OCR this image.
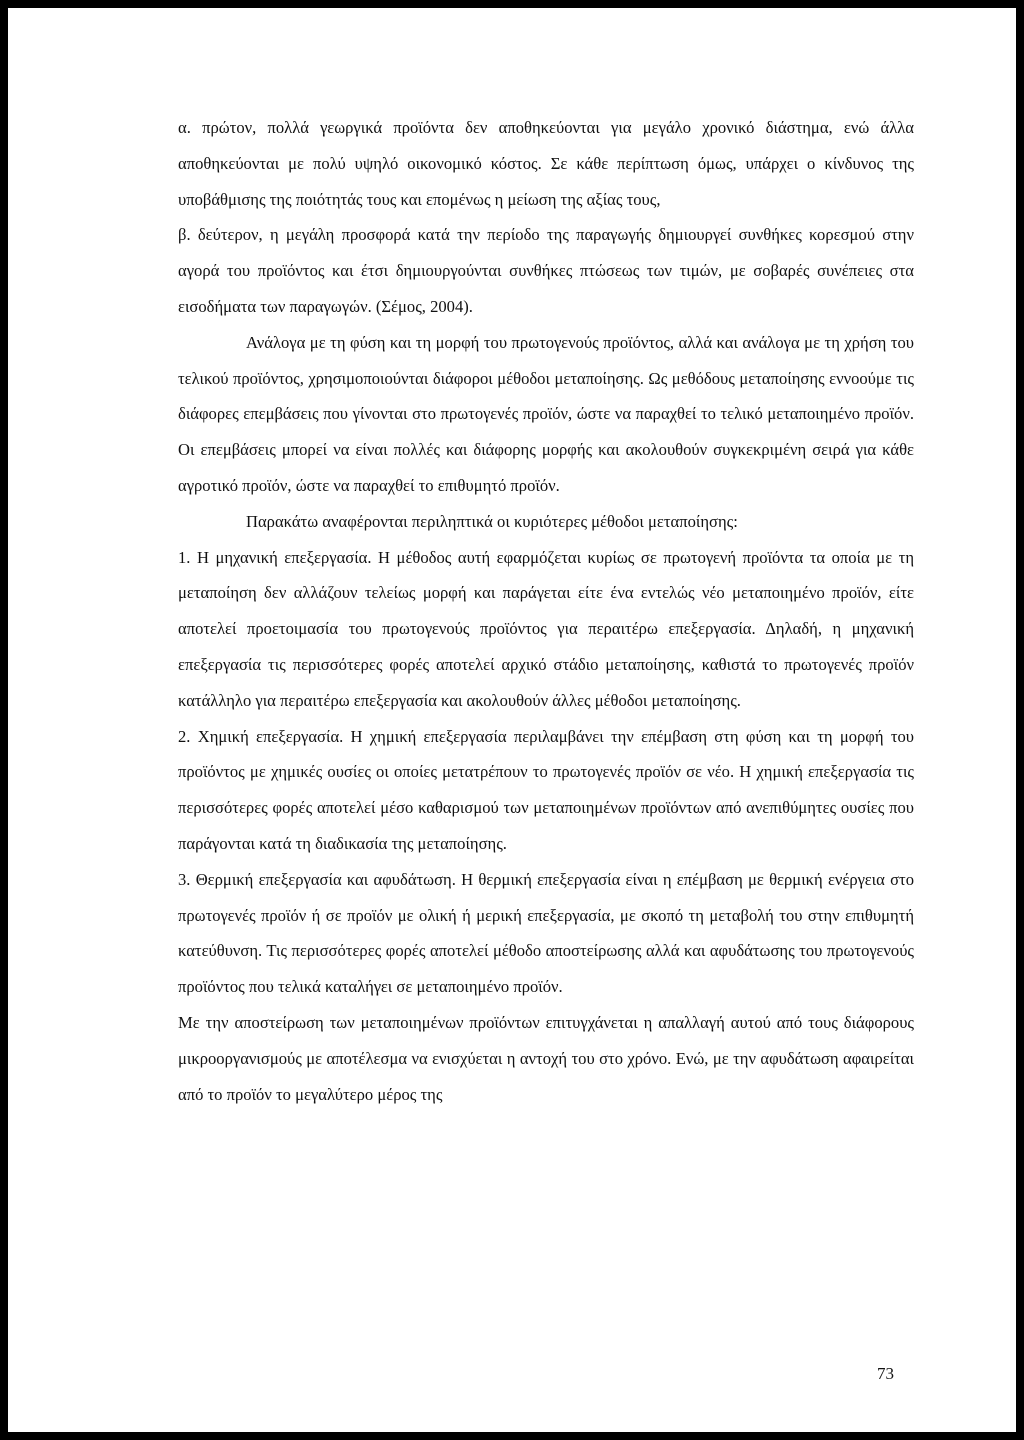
α. πρώτον, πολλά γεωργικά προϊόντα δεν αποθηκεύονται για μεγάλο χρονικό διάστημα, ενώ άλλα αποθηκεύονται με πολύ υψηλό οικονομικό κόστος. Σε κάθε περίπτωση όμως, υπάρχει ο κίνδυνος της υποβάθμισης της ποιότητάς τους και επομένως η μείωση της αξίας τους,

β. δεύτερον, η μεγάλη προσφορά κατά την περίοδο της παραγωγής δημιουργεί συνθήκες κορεσμού στην αγορά του προϊόντος και έτσι δημιουργούνται συνθήκες πτώσεως των τιμών, με σοβαρές συνέπειες στα εισοδήματα των παραγωγών. (Σέμος, 2004).

Ανάλογα με τη φύση και τη μορφή του πρωτογενούς προϊόντος, αλλά και ανάλογα με τη χρήση του τελικού προϊόντος, χρησιμοποιούνται διάφοροι μέθοδοι μεταποίησης. Ως μεθόδους μεταποίησης εννοούμε τις διάφορες επεμβάσεις που γίνονται στο πρωτογενές προϊόν, ώστε να παραχθεί το τελικό μεταποιημένο προϊόν. Οι επεμβάσεις μπορεί να είναι πολλές και διάφορης μορφής και ακολουθούν συγκεκριμένη σειρά για κάθε αγροτικό προϊόν, ώστε να παραχθεί το επιθυμητό προϊόν.

Παρακάτω αναφέρονται περιληπτικά οι κυριότερες μέθοδοι μεταποίησης:

1. Η μηχανική επεξεργασία. Η μέθοδος αυτή εφαρμόζεται κυρίως σε πρωτογενή προϊόντα τα οποία με τη μεταποίηση δεν αλλάζουν τελείως μορφή και παράγεται είτε ένα εντελώς νέο μεταποιημένο προϊόν, είτε αποτελεί προετοιμασία του πρωτογενούς προϊόντος για περαιτέρω επεξεργασία. Δηλαδή, η μηχανική επεξεργασία τις περισσότερες φορές αποτελεί αρχικό στάδιο μεταποίησης, καθιστά το πρωτογενές προϊόν κατάλληλο για περαιτέρω επεξεργασία και ακολουθούν άλλες μέθοδοι μεταποίησης.

2. Χημική επεξεργασία. Η χημική επεξεργασία περιλαμβάνει την επέμβαση στη φύση και τη μορφή του προϊόντος με χημικές ουσίες οι οποίες μετατρέπουν το πρωτογενές προϊόν σε νέο. Η χημική επεξεργασία τις περισσότερες φορές αποτελεί μέσο καθαρισμού των μεταποιημένων προϊόντων από ανεπιθύμητες ουσίες που παράγονται κατά τη διαδικασία της μεταποίησης.

3. Θερμική επεξεργασία και αφυδάτωση. Η θερμική επεξεργασία είναι η επέμβαση με θερμική ενέργεια στο πρωτογενές προϊόν ή σε προϊόν με ολική ή μερική επεξεργασία, με σκοπό τη μεταβολή του στην επιθυμητή κατεύθυνση. Τις περισσότερες φορές αποτελεί μέθοδο αποστείρωσης αλλά και αφυδάτωσης του πρωτογενούς προϊόντος που τελικά καταλήγει σε μεταποιημένο προϊόν.

Με την αποστείρωση των μεταποιημένων προϊόντων επιτυγχάνεται η απαλλαγή αυτού από τους διάφορους μικροοργανισμούς με αποτέλεσμα να ενισχύεται η αντοχή του στο χρόνο. Ενώ, με την αφυδάτωση αφαιρείται από το προϊόν το μεγαλύτερο μέρος της

73
